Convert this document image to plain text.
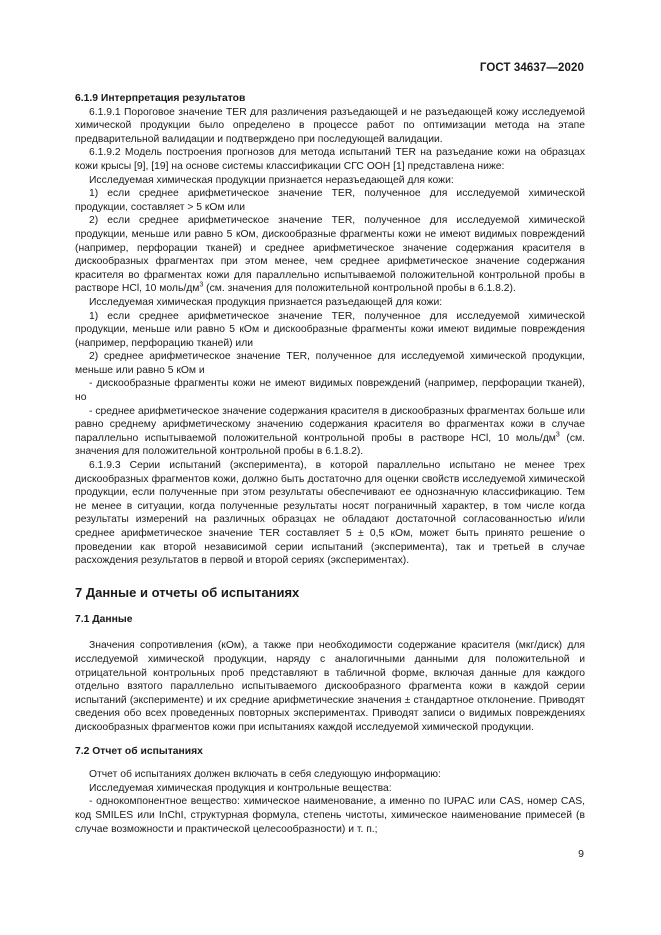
ГОСТ 34637—2020

6.1.9 Интерпретация результатов

6.1.9.1 Пороговое значение TER для различения разъедающей и не разъедающей кожу исследуемой химической продукции было определено в процессе работ по оптимизации метода на этапе предварительной валидации и подтверждено при последующей валидации.

6.1.9.2 Модель построения прогнозов для метода испытаний TER на разъедание кожи на образцах кожи крысы [9], [19] на основе системы классификации СГС ООН [1] представлена ниже:

Исследуемая химическая продукции признается неразъедающей для кожи:

1) если среднее арифметическое значение TER, полученное для исследуемой химической продукции, составляет > 5 кОм или

2) если среднее арифметическое значение TER, полученное для исследуемой химической продукции, меньше или равно 5 кОм, дискообразные фрагменты кожи не имеют видимых повреждений (например, перфорации тканей) и среднее арифметическое значение содержания красителя в дискообразных фрагментах при этом менее, чем среднее арифметическое значение содержания красителя во фрагментах кожи для параллельно испытываемой положительной контрольной пробы в растворе HCl, 10 моль/$дм^3$ (см. значения для положительной контрольной пробы в 6.1.8.2).

Исследуемая химическая продукция признается разъедающей для кожи:

1) если среднее арифметическое значение TER, полученное для исследуемой химической продукции, меньше или равно 5 кОм и дискообразные фрагменты кожи имеют видимые повреждения (например, перфорацию тканей) или

2) среднее арифметическое значение TER, полученное для исследуемой химической продукции, меньше или равно 5 кОм и

- дискообразные фрагменты кожи не имеют видимых повреждений (например, перфорации тканей), но

- среднее арифметическое значение содержания красителя в дискообразных фрагментах больше или равно среднему арифметическому значению содержания красителя во фрагментах кожи в случае параллельно испытываемой положительной контрольной пробы в растворе HCl, 10 моль/$дм^3$ (см. значения для положительной контрольной пробы в 6.1.8.2).

6.1.9.3 Серии испытаний (эксперимента), в которой параллельно испытано не менее трех дискообразных фрагментов кожи, должно быть достаточно для оценки свойств исследуемой химической продукции, если полученные при этом результаты обеспечивают ее однозначную классификацию. Тем не менее в ситуации, когда полученные результаты носят пограничный характер, в том числе когда результаты измерений на различных образцах не обладают достаточной согласованностью и/или среднее арифметическое значение TER составляет 5 ± 0,5 кОм, может быть принято решение о проведении как второй независимой серии испытаний (эксперимента), так и третьей в случае расхождения результатов в первой и второй сериях (экспериментах).

7 Данные и отчеты об испытаниях

7.1 Данные

Значения сопротивления (кОм), а также при необходимости содержание красителя (мкг/диск) для исследуемой химической продукции, наряду с аналогичными данными для положительной и отрицательной контрольных проб представляют в табличной форме, включая данные для каждого отдельно взятого параллельно испытываемого дискообразного фрагмента кожи в каждой серии испытаний (эксперименте) и их средние арифметические значения ± стандартное отклонение. Приводят сведения обо всех проведенных повторных экспериментах. Приводят записи о видимых повреждениях дискообразных фрагментов кожи при испытаниях каждой исследуемой химической продукции.

7.2 Отчет об испытаниях

Отчет об испытаниях должен включать в себя следующую информацию:

Исследуемая химическая продукция и контрольные вещества:

- однокомпонентное вещество: химическое наименование, а именно по IUPAC или CAS, номер CAS, код SMILES или InChI, структурная формула, степень чистоты, химическое наименование примесей (в случае возможности и практической целесообразности) и т. п.;

9
